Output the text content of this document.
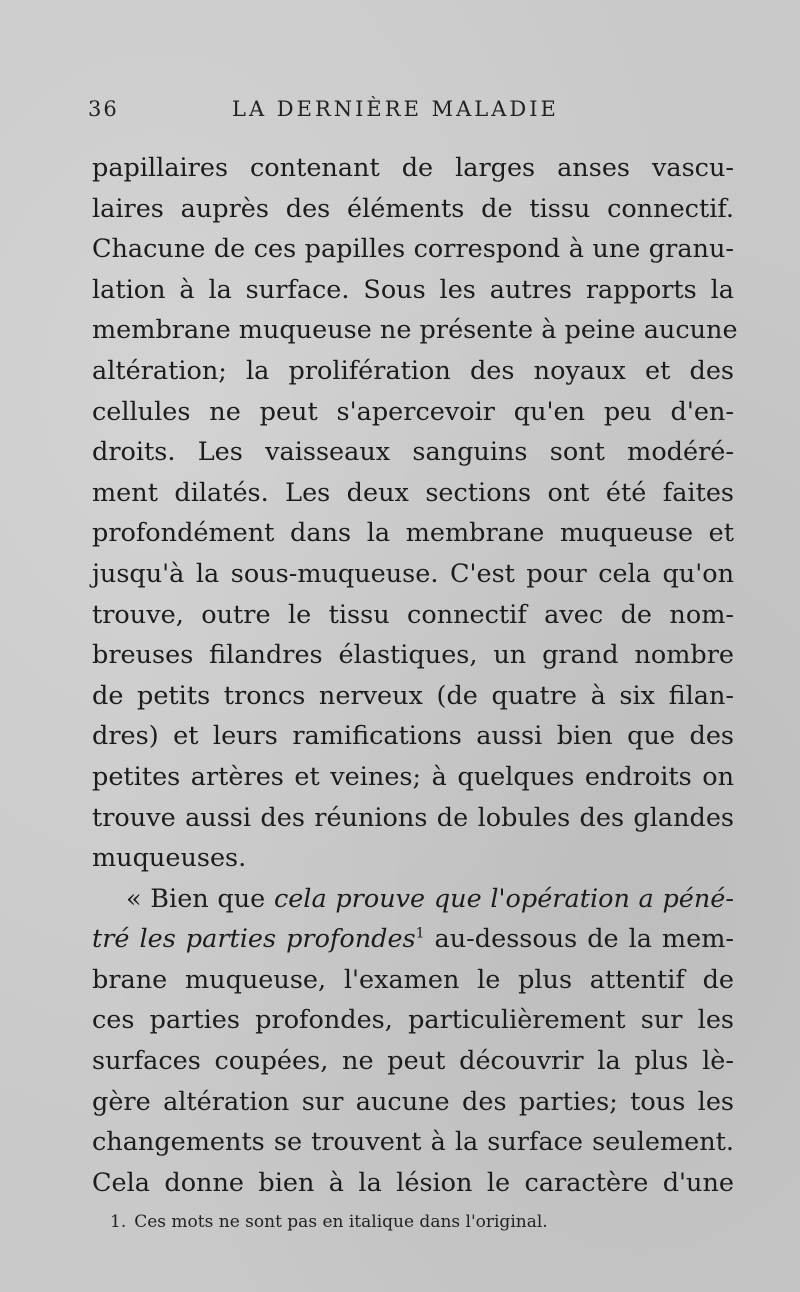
36	LA DERNIÈRE MALADIE
papillaires contenant de larges anses vascu-
laires auprès des éléments de tissu connectif.
Chacune de ces papilles correspond à une granu-
lation à la surface. Sous les autres rapports la
membrane muqueuse ne présente à peine aucune
altération; la prolifération des noyaux et des
cellules ne peut s'apercevoir qu'en peu d'en-
droits. Les vaisseaux sanguins sont modéré-
ment dilatés. Les deux sections ont été faites
profondément dans la membrane muqueuse et
jusqu'à la sous-muqueuse. C'est pour cela qu'on
trouve, outre le tissu connectif avec de nom-
breuses filandres élastiques, un grand nombre
de petits troncs nerveux (de quatre à six filan-
dres) et leurs ramifications aussi bien que des
petites artères et veines; à quelques endroits on
trouve aussi des réunions de lobules des glandes
muqueuses.
« Bien que cela prouve que l'opération a péné-
tré les parties profondes$^1$ au-dessous de la mem-
brane muqueuse, l'examen le plus attentif de
ces parties profondes, particulièrement sur les
surfaces coupées, ne peut découvrir la plus lè-
gère altération sur aucune des parties; tous les
changements se trouvent à la surface seulement.
Cela donne bien à la lésion le caractère d'une
1. Ces mots ne sont pas en italique dans l'original.
